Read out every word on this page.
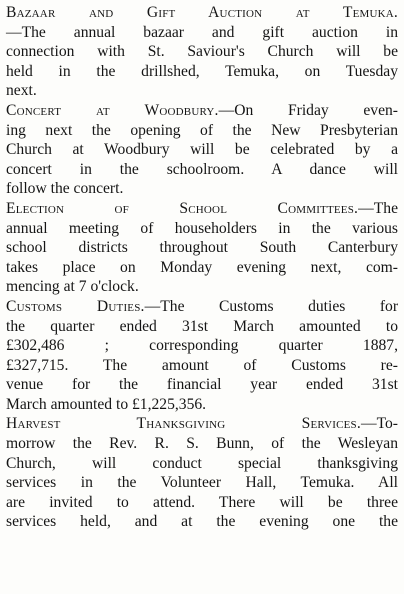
Bazaar and Gift Auction at Temuka.
—The annual bazaar and gift auction in
connection with St. Saviour's Church will be
held in the drillshed, Temuka, on Tuesday
next.
Concert at Woodbury.—On Friday even-
ing next the opening of the New Presbyterian
Church at Woodbury will be celebrated by a
concert in the schoolroom. A dance will
follow the concert.
Election of School Committees.—The
annual meeting of householders in the various
school districts throughout South Canterbury
takes place on Monday evening next, com-
mencing at 7 o'clock.
Customs Duties.—The Customs duties for
the quarter ended 31st March amounted to
£302,486 ; corresponding quarter 1887,
£327,715. The amount of Customs re-
venue for the financial year ended 31st
March amounted to £1,225,356.
Harvest Thanksgiving Services.—To-
morrow the Rev. R. S. Bunn, of the Wesleyan
Church, will conduct special thanksgiving
services in the Volunteer Hall, Temuka. All
are invited to attend. There will be three
services held, and at the evening one the
